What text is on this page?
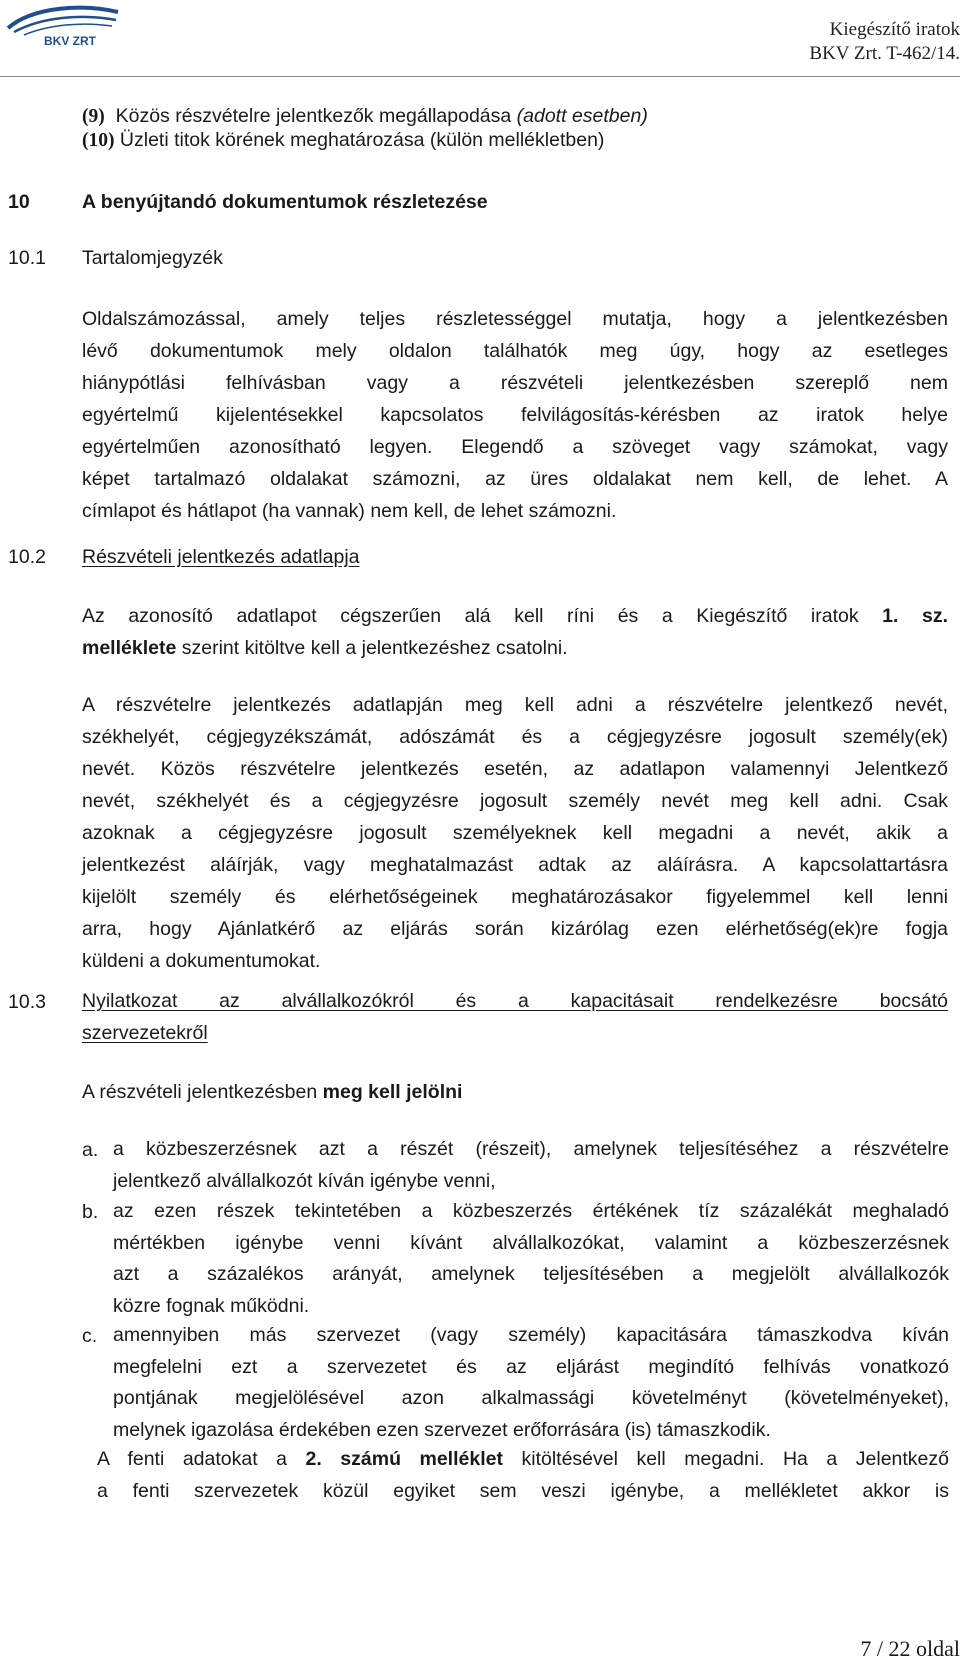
BKV ZRT
Kiegészítő iratok
BKV Zrt. T-462/14.
(9) Közös részvételre jelentkezők megállapodása (adott esetben)
(10) Üzleti titok körének meghatározása (külön mellékletben)
10	A benyújtandó dokumentumok részletezése
10.1 Tartalomjegyzék
Oldalszámozással, amely teljes részletességgel mutatja, hogy a jelentkezésben
lévő dokumentumok mely oldalon találhatók meg úgy, hogy az esetleges
hiánypótlási felhívásban vagy a részvételi jelentkezésben szereplő nem
egyértelmű kijelentésekkel kapcsolatos felvilágosítás-kérésben az iratok helye
egyértelműen azonosítható legyen. Elegendő a szöveget vagy számokat, vagy
képet tartalmazó oldalakat számozni, az üres oldalakat nem kell, de lehet. A
címlapot és hátlapot (ha vannak) nem kell, de lehet számozni.
10.2 Részvételi jelentkezés adatlapja
Az azonosító adatlapot cégszerűen alá kell ríni és a Kiegészítő iratok 1. sz.
melléklete szerint kitöltve kell a jelentkezéshez csatolni.
A részvételre jelentkezés adatlapján meg kell adni a részvételre jelentkező nevét,
székhelyét, cégjegyzékszámát, adószámát és a cégjegyzésre jogosult személy(ek)
nevét. Közös részvételre jelentkezés esetén, az adatlapon valamennyi Jelentkező
nevét, székhelyét és a cégjegyzésre jogosult személy nevét meg kell adni. Csak
azoknak a cégjegyzésre jogosult személyeknek kell megadni a nevét, akik a
jelentkezést aláírják, vagy meghatalmazást adtak az aláírásra. A kapcsolattartásra
kijelölt személy és elérhetőségeinek meghatározásakor figyelemmel kell lenni
arra, hogy Ajánlatkérő az eljárás során kizárólag ezen elérhetőség(ek)re fogja
küldeni a dokumentumokat.
10.3 Nyilatkozat az alvállalkozókról és a kapacitásait rendelkezésre bocsátó
szervezetekről
A részvételi jelentkezésben meg kell jelölni
a. a közbeszerzésnek azt a részét (részeit), amelynek teljesítéséhez a részvételre
jelentkező alvállalkozót kíván igénybe venni,
b. az ezen részek tekintetében a közbeszerzés értékének tíz százalékát meghaladó
mértékben igénybe venni kívánt alvállalkozókat, valamint a közbeszerzésnek
azt a százalékos arányát, amelynek teljesítésében a megjelölt alvállalkozók
közre fognak működni.
c. amennyiben más szervezet (vagy személy) kapacitására támaszkodva kíván
megfelelni ezt a szervezetet és az eljárást megindító felhívás vonatkozó
pontjának megjelölésével azon alkalmassági követelményt (követelményeket),
melynek igazolása érdekében ezen szervezet erőforrására (is) támaszkodik.
A fenti adatokat a 2. számú melléklet kitöltésével kell megadni. Ha a Jelentkező
a fenti szervezetek közül egyiket sem veszi igénybe, a mellékletet akkor is
7 / 22 oldal
